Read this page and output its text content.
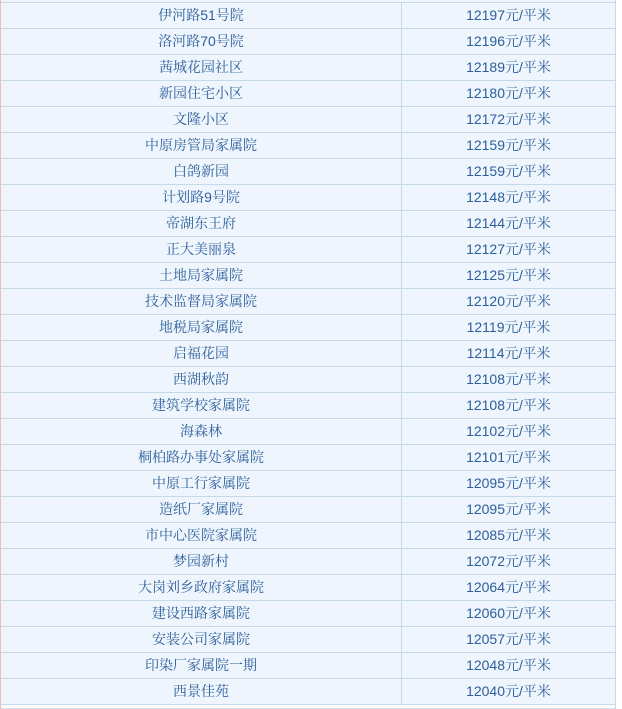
伊河路51号院	12197元/平米
洛河路70号院	12196元/平米
茜城花园社区	12189元/平米
新园住宅小区	12180元/平米
文隆小区	12172元/平米
中原房管局家属院	12159元/平米
白鸽新园	12159元/平米
计划路9号院	12148元/平米
帝湖东王府	12144元/平米
正大美丽泉	12127元/平米
土地局家属院	12125元/平米
技术监督局家属院	12120元/平米
地税局家属院	12119元/平米
启福花园	12114元/平米
西湖秋韵	12108元/平米
建筑学校家属院	12108元/平米
海森林	12102元/平米
桐柏路办事处家属院	12101元/平米
中原工行家属院	12095元/平米
造纸厂家属院	12095元/平米
市中心医院家属院	12085元/平米
梦园新村	12072元/平米
大岗刘乡政府家属院	12064元/平米
建设西路家属院	12060元/平米
安装公司家属院	12057元/平米
印染厂家属院一期	12048元/平米
西景佳苑	12040元/平米
